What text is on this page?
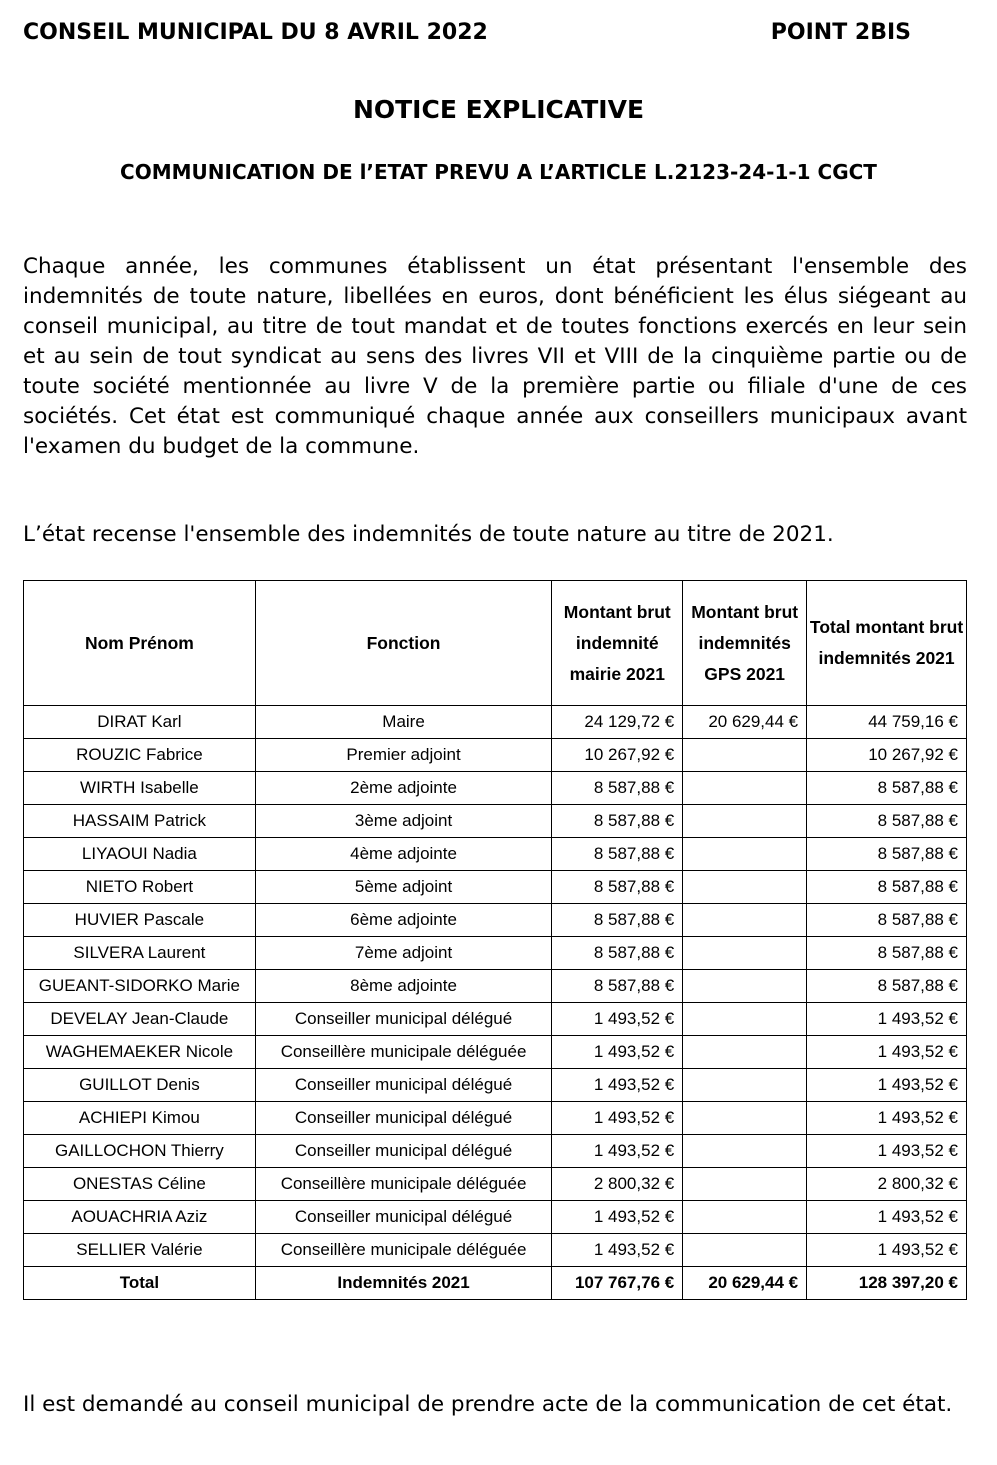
CONSEIL MUNICIPAL DU 8 AVRIL 2022	POINT 2BIS
NOTICE EXPLICATIVE
COMMUNICATION DE l’ETAT PREVU A L’ARTICLE L.2123-24-1-1 CGCT

Chaque année, les communes établissent un état présentant l'ensemble des indemnités de toute nature, libellées en euros, dont bénéficient les élus siégeant au conseil municipal, au titre de tout mandat et de toutes fonctions exercés en leur sein et au sein de tout syndicat au sens des livres VII et VIII de la cinquième partie ou de toute société mentionnée au livre V de la première partie ou filiale d'une de ces sociétés. Cet état est communiqué chaque année aux conseillers municipaux avant l'examen du budget de la commune.

L’état recense l'ensemble des indemnités de toute nature au titre de 2021.

Nom Prénom	Fonction	Montant brut indemnité mairie 2021	Montant brut indemnités GPS 2021	Total montant brut indemnités 2021
DIRAT Karl	Maire	24 129,72 €	20 629,44 €	44 759,16 €
ROUZIC Fabrice	Premier adjoint	10 267,92 €		10 267,92 €
WIRTH Isabelle	2ème adjointe	8 587,88 €		8 587,88 €
HASSAIM Patrick	3ème adjoint	8 587,88 €		8 587,88 €
LIYAOUI Nadia	4ème adjointe	8 587,88 €		8 587,88 €
NIETO Robert	5ème adjoint	8 587,88 €		8 587,88 €
HUVIER Pascale	6ème adjointe	8 587,88 €		8 587,88 €
SILVERA Laurent	7ème adjoint	8 587,88 €		8 587,88 €
GUEANT-SIDORKO Marie	8ème adjointe	8 587,88 €		8 587,88 €
DEVELAY Jean-Claude	Conseiller municipal délégué	1 493,52 €		1 493,52 €
WAGHEMAEKER Nicole	Conseillère municipale déléguée	1 493,52 €		1 493,52 €
GUILLOT Denis	Conseiller municipal délégué	1 493,52 €		1 493,52 €
ACHIEPI Kimou	Conseiller municipal délégué	1 493,52 €		1 493,52 €
GAILLOCHON Thierry	Conseiller municipal délégué	1 493,52 €		1 493,52 €
ONESTAS Céline	Conseillère municipale déléguée	2 800,32 €		2 800,32 €
AOUACHRIA Aziz	Conseiller municipal délégué	1 493,52 €		1 493,52 €
SELLIER Valérie	Conseillère municipale déléguée	1 493,52 €		1 493,52 €
Total	Indemnités 2021	107 767,76 €	20 629,44 €	128 397,20 €

Il est demandé au conseil municipal de prendre acte de la communication de cet état.
